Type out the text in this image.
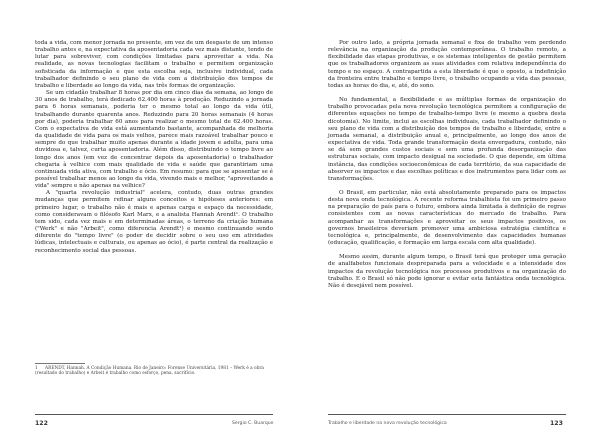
toda a vida, com menor jornada no presente, em vez de um desgaste de um intenso trabalho antes e, na expectativa da aposentadoria cada vez mais distante, tendo de lutar para sobreviver, com condições limitadas para aproveitar a vida. Na realidade, as novas tecnologias facilitam o trabalho e permitem organização sofisticada da informação e que esta escolha seja, inclusive individual, cada trabalhador definindo o seu plano de vida com a distribuição dos tempos de trabalho e liberdade ao longo da vida, nas três formas de organização.

Se um cidadão trabalhar 8 horas por dia em cinco dias da semana, ao longo de 30 anos de trabalho, terá dedicado 62.400 horas à produção. Reduzindo a jornada para 6 horas semanais, poderia ter o mesmo total ao longo da vida útil, trabalhando durante quarenta anos. Reduzindo para 20 horas semanais (4 horas por dia), poderia trabalhar 60 anos para realizar o mesmo total de 62.400 horas. Com o expectativa de vida está aumentando bastante, acompanhada de melhoria da qualidade de vida para os mais velhos, parece mais razoável trabalhar pouco e sempre do que trabalhar muito apenas durante a idade jovem e adulta, para uma duvidosa e, talvez, curta aposentadoria. Além disso, distribuindo o tempo livre ao longo dos anos (em vez de concentrar depois da aposentadoria) o trabalhador chegaria à velhice com mais qualidade de vida e saúde que garantiriam uma continuada vida ativa, com trabalho e ócio. Em resumo: para que se aposentar se é possível trabalhar menos ao longo da vida, vivendo mais e melhor, "aproveitando a vida" sempre e não apenas na velhice?

A "quarta revolução industrial" acelera, contudo, duas outras grandes mudanças que permitem refinar alguns conceitos e hipóteses anteriores: em primeiro lugar, o trabalho não é mais e apenas carga e espaço da necessidade, como consideravam o filósofo Karl Marx, e a analista Hannah Arendt¹. O trabalho tem sido, cada vez mais e em determinadas áreas, o terreno da criação humana ("Werk" e não "Arbeit", como diferencia Arendt¹) e mesmo continuando sendo diferente do "tempo livre" (o poder de decidir sobre o seu uso em atividades lúdicas, intelectuais e culturais, ou apenas ao ócio), é parte central da realização e reconhecimento social das pessoas.

1 ARENDT, Hannah. A Condição Humana. Rio de Janeiro: Forense Universitária, 1981 – Werk é a obra (resultado do trabalho) e Arbeit é trabalho como esforço, pena, sacrifício.
122	Sergio C. Buarque

Por outro lado, a própria jornada semanal e fixa de trabalho vem perdendo relevância na organização da produção contemporânea. O trabalho remoto, a flexibilidade das etapas produtivas, e os sistemas inteligentes de gestão permitem que os trabalhadores organizem as suas atividades com relativa independência do tempo e no espaço. A contrapartida a esta liberdade é que o oposto, a indefinição da fronteira entre trabalho e tempo livre, o trabalho ocupando a vida das pessoas, todas as horas do dia, e, até, do sono.

No fundamental, a flexibilidade e as múltiplas formas de organização do trabalho provocadas pela nova revolução tecnológica permitem a configuração de diferentes equações no tempo de trabalho-tempo livre (e mesmo a quebra desta dicotomia). No limite, inclui as escolhas individuais, cada trabalhador definindo o seu plano de vida com a distribuição dos tempos de trabalho e liberdade, entre a jornada semanal, a distribuição anual e, principalmente, ao longo dos anos de expectativa de vida. Toda grande transformação desta envergadura, contudo, não se dá sem grandes custos sociais e sem uma profunda desorganização das estruturas sociais, com impacto desigual na sociedade. O que depende, em última instância, das condições socioeconômicas de cada território, da sua capacidade de absorver os impactos e das escolhas políticas e dos instrumentos para lidar com as transformações.

O Brasil, em particular, não está absolutamente preparado para os impactos desta nova onda tecnológica. A recente reforma trabalhista foi um primeiro passo na preparação do país para o futuro, embora ainda limitada à definição de regras consistentes com as novas características do mercado de trabalho. Para acompanhar as transformações e aproveitar os seus impactos positivos, os governos brasileiros deveriam promover uma ambiciosa estratégia científica e tecnológica e, principalmente, de desenvolvimento das capacidades humanas (educação, qualificação, e formação em larga escala com alta qualidade).

Mesmo assim, durante algum tempo, o Brasil terá que proteger uma geração de analfabetos funcionais despreparada para a velocidade e a intensidade dos impactos da revolução tecnológica nos processos produtivos e na organização do trabalho. E o Brasil só não pode ignorar e evitar esta fantástica onda tecnológica. Não é desejável nem possível.

Trabalho e liberdade na nova revolução tecnológica	123
